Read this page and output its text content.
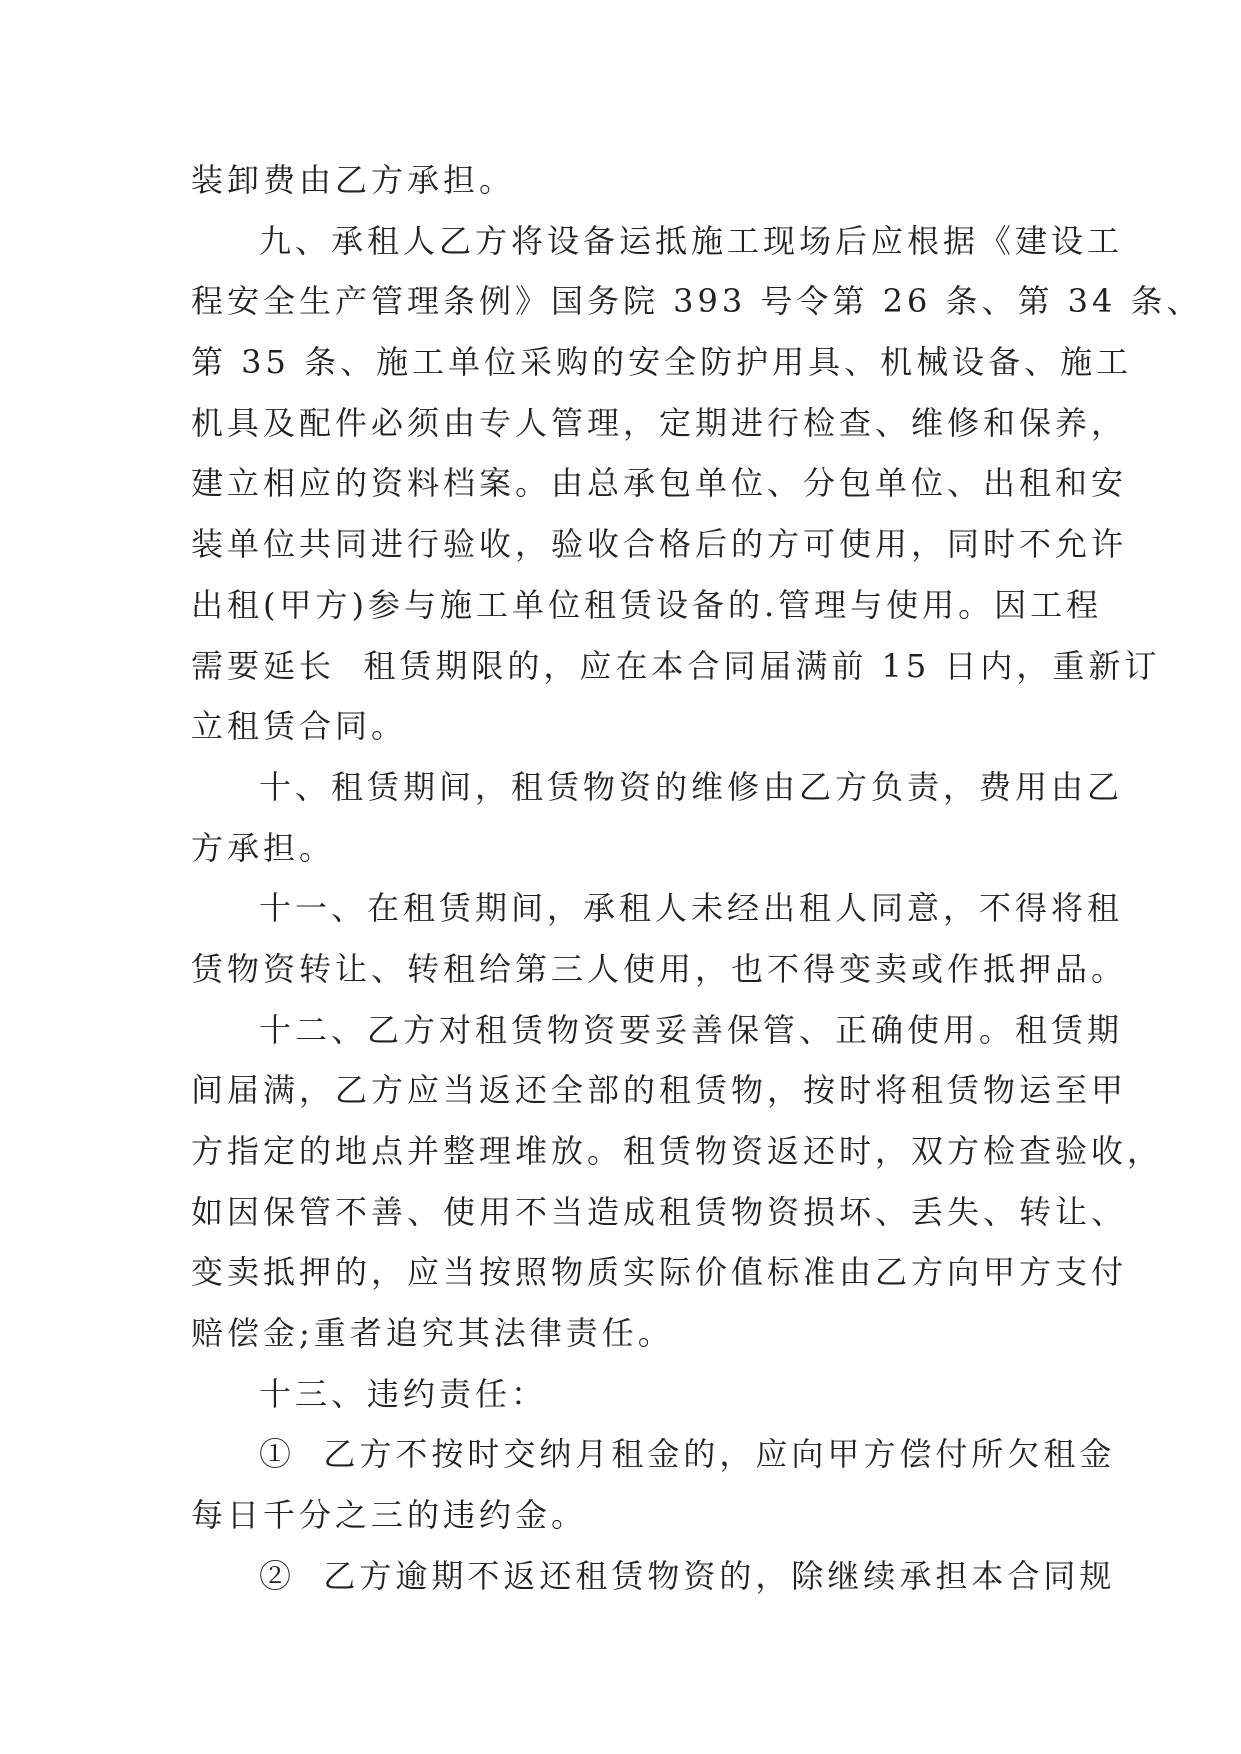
装卸费由乙方承担。
九、承租人乙方将设备运抵施工现场后应根据《建设工
程安全生产管理条例》国务院 393 号令第 26 条、第 34 条、
第 35 条、施工单位采购的安全防护用具、机械设备、施工
机具及配件必须由专人管理，定期进行检查、维修和保养，
建立相应的资料档案。由总承包单位、分包单位、出租和安
装单位共同进行验收，验收合格后的方可使用，同时不允许
出租(甲方)参与施工单位租赁设备的.管理与使用。因工程
需要延长  租赁期限的，应在本合同届满前 15 日内，重新订
立租赁合同。
十、租赁期间，租赁物资的维修由乙方负责，费用由乙
方承担。
十一、在租赁期间，承租人未经出租人同意，不得将租
赁物资转让、转租给第三人使用，也不得变卖或作抵押品。
十二、乙方对租赁物资要妥善保管、正确使用。租赁期
间届满，乙方应当返还全部的租赁物，按时将租赁物运至甲
方指定的地点并整理堆放。租赁物资返还时，双方检查验收，
如因保管不善、使用不当造成租赁物资损坏、丢失、转让、
变卖抵押的，应当按照物质实际价值标准由乙方向甲方支付
赔偿金;重者追究其法律责任。
十三、违约责任：
①  乙方不按时交纳月租金的，应向甲方偿付所欠租金
每日千分之三的违约金。
②  乙方逾期不返还租赁物资的，除继续承担本合同规
